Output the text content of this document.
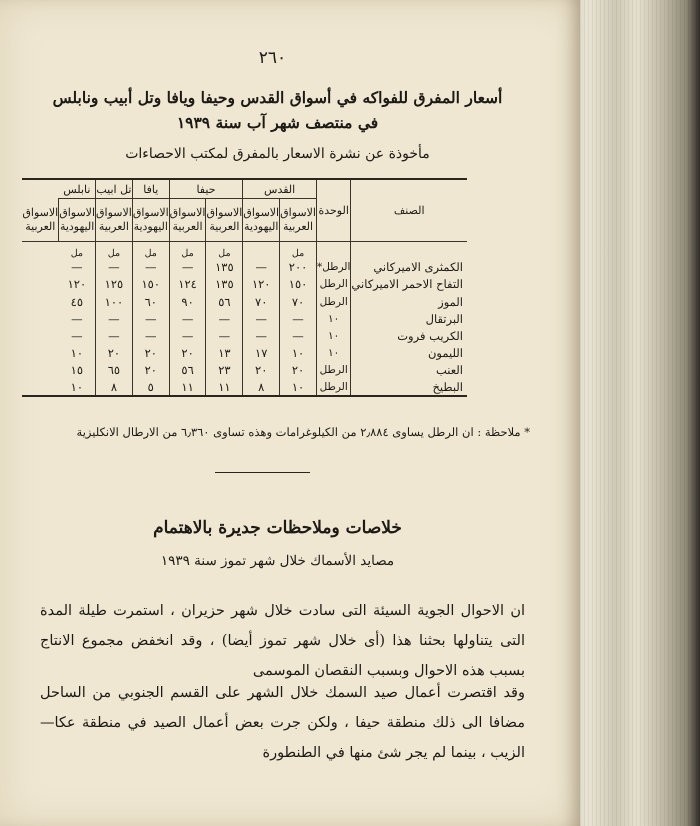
٢٦٠
أسعار المفرق للفواكه في أسواق القدس وحيفا ويافا وتل أبيب ونابلس
في منتصف شهر آب سنة ١٩٣٩
مأخوذة عن نشرة الاسعار بالمفرق لمكتب الاحصاءات
الصنف	الوحدة	القدس		حيفا		يافا	تل ابيب	نابلس	
		الاسواق العربية	الاسواق اليهودية	الاسواق العربية	الاسواق العربية	الاسواق اليهودية	الاسواق العربية	الاسواق اليهودية	الاسواق العربية
		مل		مل	مل	مل	مل	مل	
الكمثرى الاميركاني	الرطل*	٢٠٠	—	١٣٥	—	—	—	—	
التفاح الاحمر الاميركاني	الرطل	١٥٠	١٢٠	١٣٥	١٢٤	١٥٠	١٢٥	١٢٠	
الموز	الرطل	٧٠	٧٠	٥٦	٩٠	٦٠	١٠٠	٤٥	
البرتقال	١٠	—	—	—	—	—	—	—	
الكريب فروت	١٠	—	—	—	—	—	—	—	
الليمون	١٠	١٠	١٧	١٣	٢٠	٢٠	٢٠	١٠	
العنب	الرطل	٢٠	٢٠	٢٣	٥٦	٢٠	٦٥	١٥	
البطيخ	الرطل	١٠	٨	١١	١١	٥	٨	١٠	
* ملاحظة : ان الرطل يساوى ٢٫٨٨٤ من الكيلوغرامات وهذه تساوى ٦٫٣٦٠ من الارطال الانكليزية
خلاصات وملاحظات جديرة بالاهتمام
مصايد الأسماك خلال شهر تموز سنة ١٩٣٩
ان الاحوال الجوية السيئة التى سادت خلال شهر حزيران ، استمرت طيلة المدة التى يتناولها بحثنا هذا (أى خلال شهر تموز أيضا) ، وقد انخفض مجموع الانتاج بسبب هذه الاحوال وبسبب النقصان الموسمى
وقد اقتصرت أعمال صيد السمك خلال الشهر على القسم الجنوبي من الساحل مضافا الى ذلك منطقة حيفا ، ولكن جرت بعض أعمال الصيد في منطقة عكا—الزيب ، بينما لم يجر شئ منها في الطنطورة
